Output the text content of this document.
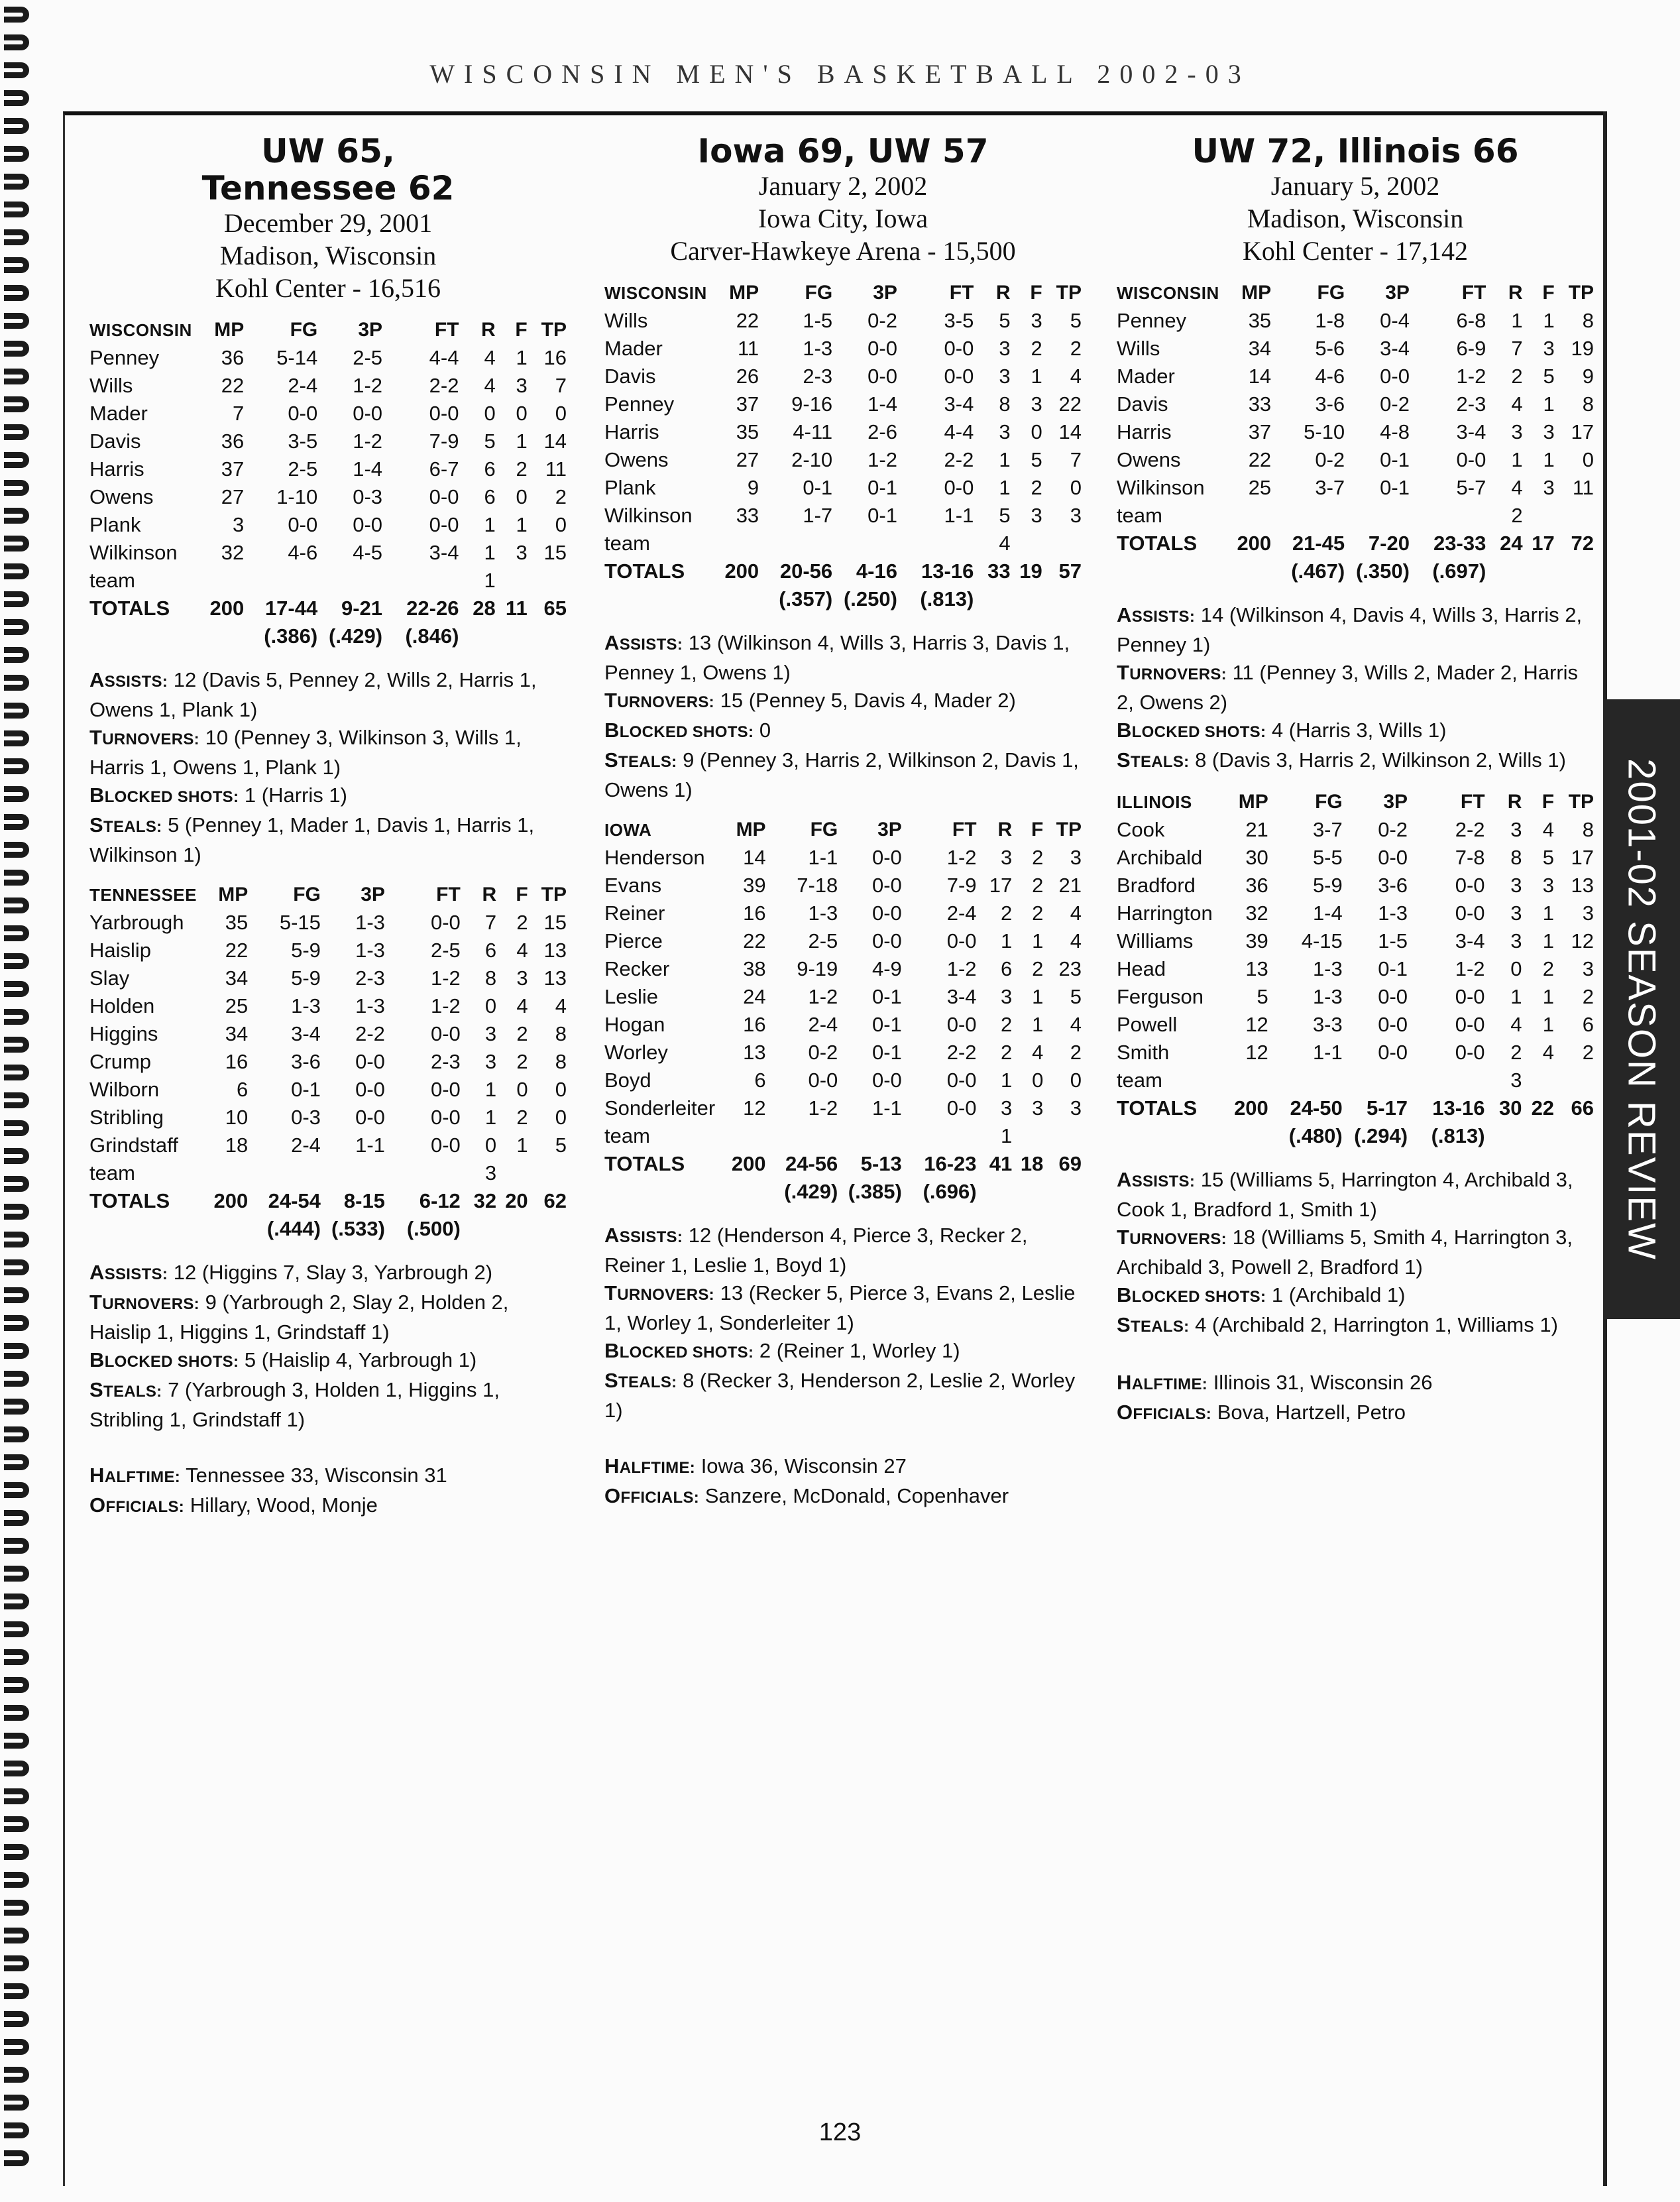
WISCONSIN MEN'S BASKETBALL 2002-03
2001-02 SEASON REVIEW

UW 65,

Tennessee 62

December 29, 2001

Madison, Wisconsin

Kohl Center - 16,516

WISCONSIN	MP	FG	3P	FT	R	F	TP
Penney	36	5-14	2-5	4-4	4	1	16
Wills	22	2-4	1-2	2-2	4	3	7
Mader	7	0-0	0-0	0-0	0	0	0
Davis	36	3-5	1-2	7-9	5	1	14
Harris	37	2-5	1-4	6-7	6	2	11
Owens	27	1-10	0-3	0-0	6	0	2
Plank	3	0-0	0-0	0-0	1	1	0
Wilkinson	32	4-6	4-5	3-4	1	3	15
team					1		
TOTALS	200	17-44	9-21	22-26	28	11	65
		(.386)	(.429)	(.846)			

ASSISTS: 12 (Davis 5, Penney 2, Wills 2, Harris 1, Owens 1, Plank 1)

TURNOVERS: 10 (Penney 3, Wilkinson 3, Wills 1, Harris 1, Owens 1, Plank 1)

BLOCKED SHOTS: 1 (Harris 1)

STEALS: 5 (Penney 1, Mader 1, Davis 1, Harris 1, Wilkinson 1)

TENNESSEE	MP	FG	3P	FT	R	F	TP
Yarbrough	35	5-15	1-3	0-0	7	2	15
Haislip	22	5-9	1-3	2-5	6	4	13
Slay	34	5-9	2-3	1-2	8	3	13
Holden	25	1-3	1-3	1-2	0	4	4
Higgins	34	3-4	2-2	0-0	3	2	8
Crump	16	3-6	0-0	2-3	3	2	8
Wilborn	6	0-1	0-0	0-0	1	0	0
Stribling	10	0-3	0-0	0-0	1	2	0
Grindstaff	18	2-4	1-1	0-0	0	1	5
team					3		
TOTALS	200	24-54	8-15	6-12	32	20	62
		(.444)	(.533)	(.500)			

ASSISTS: 12 (Higgins 7, Slay 3, Yarbrough 2)

TURNOVERS: 9 (Yarbrough 2, Slay 2, Holden 2, Haislip 1, Higgins 1, Grindstaff 1)

BLOCKED SHOTS: 5 (Haislip 4, Yarbrough 1)

STEALS: 7 (Yarbrough 3, Holden 1, Higgins 1, Stribling 1, Grindstaff 1)

HALFTIME: Tennessee 33, Wisconsin 31

OFFICIALS: Hillary, Wood, Monje

Iowa 69, UW 57

January 2, 2002

Iowa City, Iowa

Carver-Hawkeye Arena - 15,500

WISCONSIN	MP	FG	3P	FT	R	F	TP
Wills	22	1-5	0-2	3-5	5	3	5
Mader	11	1-3	0-0	0-0	3	2	2
Davis	26	2-3	0-0	0-0	3	1	4
Penney	37	9-16	1-4	3-4	8	3	22
Harris	35	4-11	2-6	4-4	3	0	14
Owens	27	2-10	1-2	2-2	1	5	7
Plank	9	0-1	0-1	0-0	1	2	0
Wilkinson	33	1-7	0-1	1-1	5	3	3
team					4		
TOTALS	200	20-56	4-16	13-16	33	19	57
		(.357)	(.250)	(.813)			

ASSISTS: 13 (Wilkinson 4, Wills 3, Harris 3, Davis 1, Penney 1, Owens 1)

TURNOVERS: 15 (Penney 5, Davis 4, Mader 2)

BLOCKED SHOTS: 0

STEALS: 9 (Penney 3, Harris 2, Wilkinson 2, Davis 1, Owens 1)

IOWA	MP	FG	3P	FT	R	F	TP
Henderson	14	1-1	0-0	1-2	3	2	3
Evans	39	7-18	0-0	7-9	17	2	21
Reiner	16	1-3	0-0	2-4	2	2	4
Pierce	22	2-5	0-0	0-0	1	1	4
Recker	38	9-19	4-9	1-2	6	2	23
Leslie	24	1-2	0-1	3-4	3	1	5
Hogan	16	2-4	0-1	0-0	2	1	4
Worley	13	0-2	0-1	2-2	2	4	2
Boyd	6	0-0	0-0	0-0	1	0	0
Sonderleiter	12	1-2	1-1	0-0	3	3	3
team					1		
TOTALS	200	24-56	5-13	16-23	41	18	69
		(.429)	(.385)	(.696)			

ASSISTS: 12 (Henderson 4, Pierce 3, Recker 2, Reiner 1, Leslie 1, Boyd 1)

TURNOVERS: 13 (Recker 5, Pierce 3, Evans 2, Leslie 1, Worley 1, Sonderleiter 1)

BLOCKED SHOTS: 2 (Reiner 1, Worley 1)

STEALS: 8 (Recker 3, Henderson 2, Leslie 2, Worley 1)

HALFTIME: Iowa 36, Wisconsin 27

OFFICIALS: Sanzere, McDonald, Copenhaver

UW 72, Illinois 66

January 5, 2002

Madison, Wisconsin

Kohl Center - 17,142

WISCONSIN	MP	FG	3P	FT	R	F	TP
Penney	35	1-8	0-4	6-8	1	1	8
Wills	34	5-6	3-4	6-9	7	3	19
Mader	14	4-6	0-0	1-2	2	5	9
Davis	33	3-6	0-2	2-3	4	1	8
Harris	37	5-10	4-8	3-4	3	3	17
Owens	22	0-2	0-1	0-0	1	1	0
Wilkinson	25	3-7	0-1	5-7	4	3	11
team					2		
TOTALS	200	21-45	7-20	23-33	24	17	72
		(.467)	(.350)	(.697)			

ASSISTS: 14 (Wilkinson 4, Davis 4, Wills 3, Harris 2, Penney 1)

TURNOVERS: 11 (Penney 3, Wills 2, Mader 2, Harris 2, Owens 2)

BLOCKED SHOTS: 4 (Harris 3, Wills 1)

STEALS: 8 (Davis 3, Harris 2, Wilkinson 2, Wills 1)

ILLINOIS	MP	FG	3P	FT	R	F	TP
Cook	21	3-7	0-2	2-2	3	4	8
Archibald	30	5-5	0-0	7-8	8	5	17
Bradford	36	5-9	3-6	0-0	3	3	13
Harrington	32	1-4	1-3	0-0	3	1	3
Williams	39	4-15	1-5	3-4	3	1	12
Head	13	1-3	0-1	1-2	0	2	3
Ferguson	5	1-3	0-0	0-0	1	1	2
Powell	12	3-3	0-0	0-0	4	1	6
Smith	12	1-1	0-0	0-0	2	4	2
team					3		
TOTALS	200	24-50	5-17	13-16	30	22	66
		(.480)	(.294)	(.813)			

ASSISTS: 15 (Williams 5, Harrington 4, Archibald 3, Cook 1, Bradford 1, Smith 1)

TURNOVERS: 18 (Williams 5, Smith 4, Harrington 3, Archibald 3, Powell 2, Bradford 1)

BLOCKED SHOTS: 1 (Archibald 1)

STEALS: 4 (Archibald 2, Harrington 1, Williams 1)

HALFTIME: Illinois 31, Wisconsin 26

OFFICIALS: Bova, Hartzell, Petro

123
